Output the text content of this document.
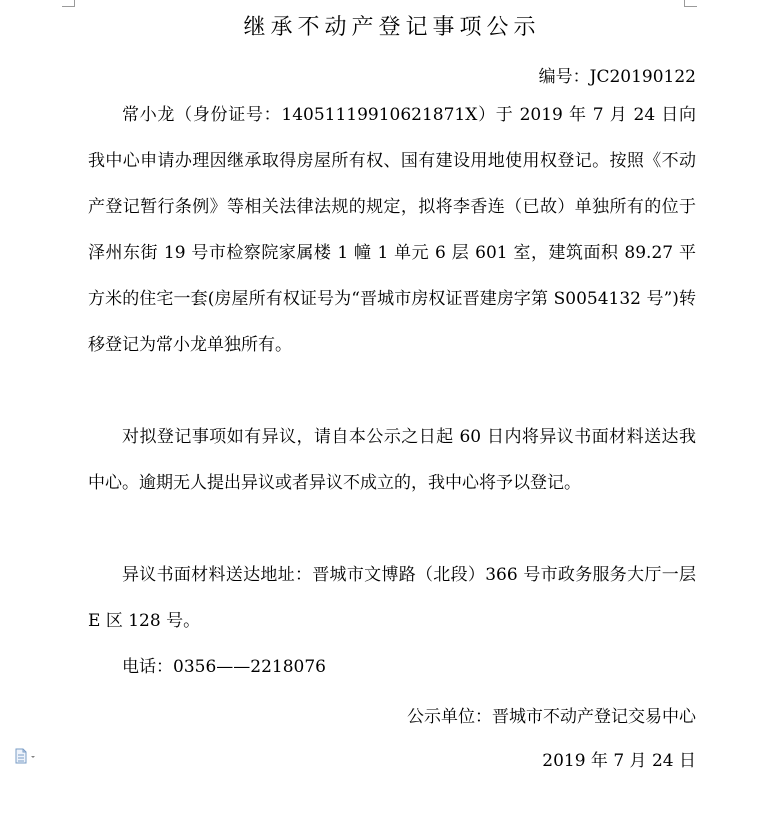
继承不动产登记事项公示
编号：JC20190122

常小龙（身份证号：14051119910621871X）于 2019 年 7 月 24 日向我中心申请办理因继承取得房屋所有权、国有建设用地使用权登记。按照《不动产登记暂行条例》等相关法律法规的规定，拟将李香连（已故）单独所有的位于泽州东街 19 号市检察院家属楼 1 幢 1 单元 6 层 601 室，建筑面积 89.27 平方米的住宅一套(房屋所有权证号为“晋城市房权证晋建房字第 S0054132 号”)转移登记为常小龙单独所有。

对拟登记事项如有异议，请自本公示之日起 60 日内将异议书面材料送达我中心。逾期无人提出异议或者异议不成立的，我中心将予以登记。

异议书面材料送达地址：晋城市文博路（北段）366 号市政务服务大厅一层 E 区 128 号。

电话：0356——2218076

公示单位：晋城市不动产登记交易中心
2019 年 7 月 24 日
